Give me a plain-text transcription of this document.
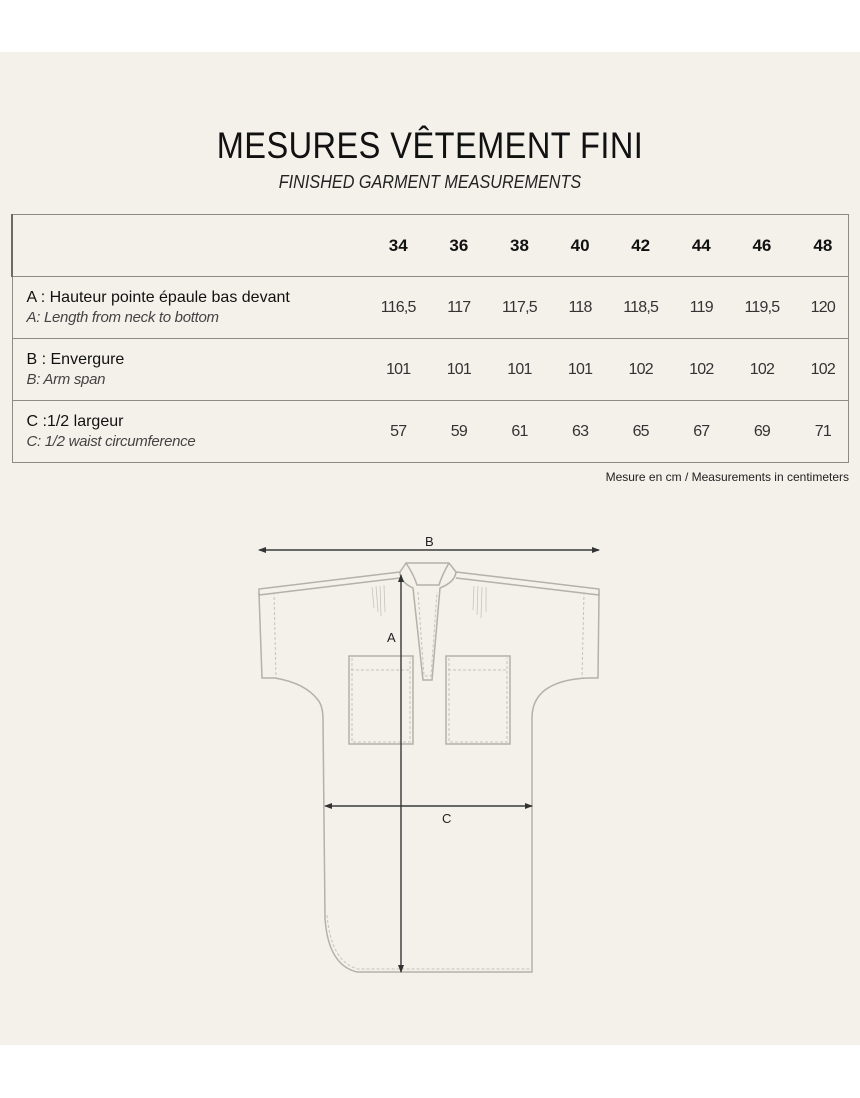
MESURES VÊTEMENT FINI
FINISHED GARMENT MEASUREMENTS
	34	36	38	40	42	44	46	48

A : Hauteur pointe épaule bas devant
A: Length from neck to bottom	116,5	117	117,5	118	118,5	119	119,5	120

B : Envergure
B: Arm span	101	101	101	101	102	102	102	102

C :1/2 largeur
C: 1/2 waist circumference	57	59	61	63	65	67	69	71
Mesure en cm / Measurements in centimeters
B
A
C
